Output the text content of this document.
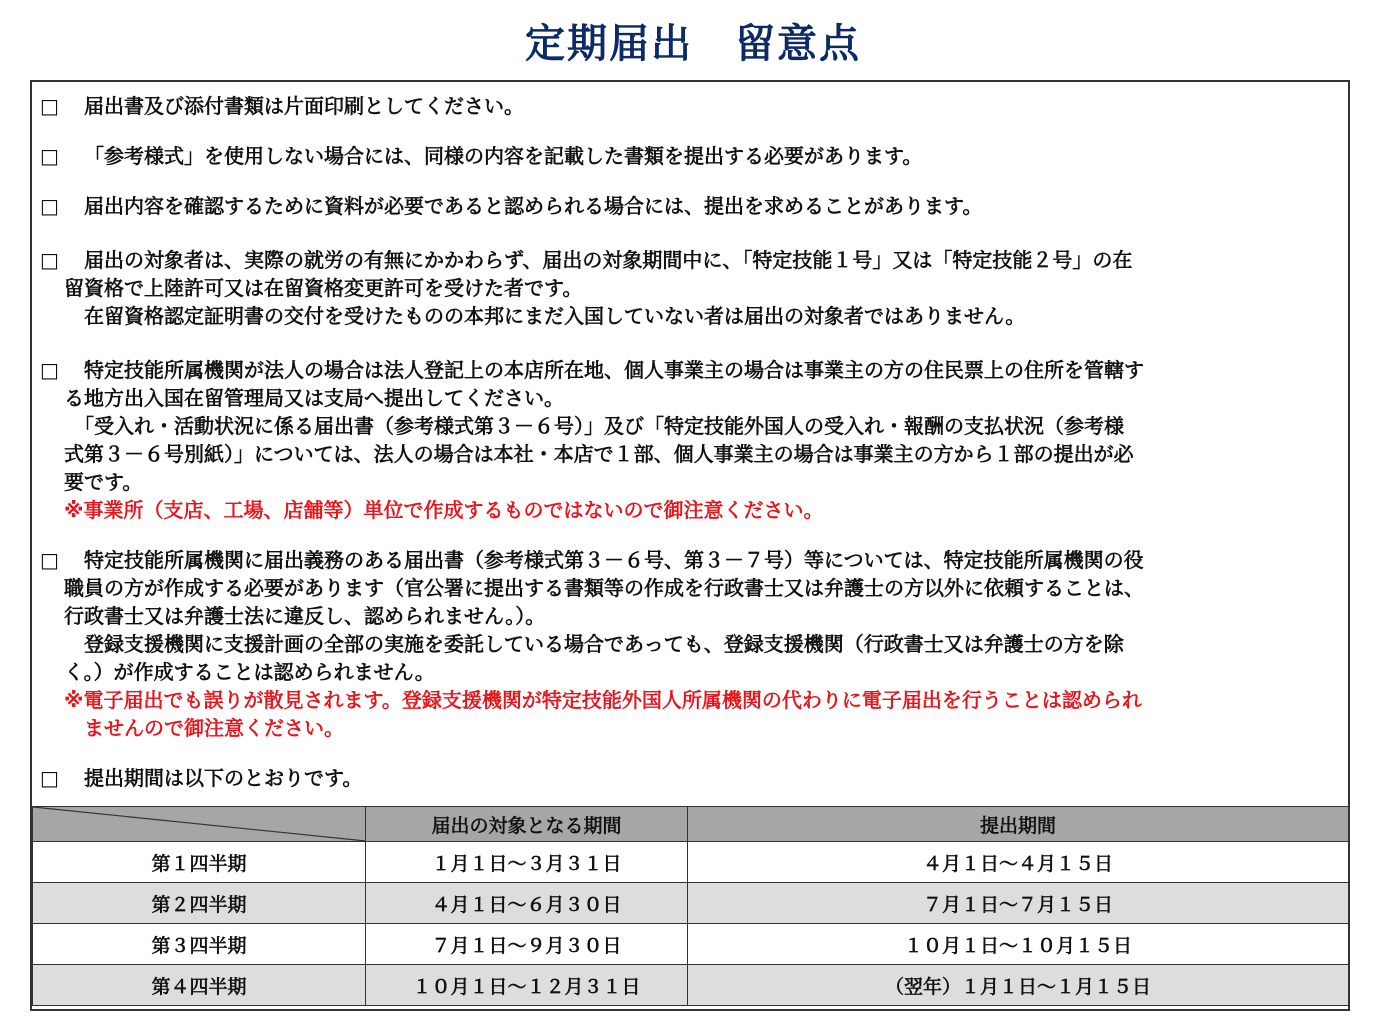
定期届出　留意点
□ 届出書及び添付書類は片面印刷としてください。
□ 「参考様式」を使用しない場合には、同様の内容を記載した書類を提出する必要があります。
□ 届出内容を確認するために資料が必要であると認められる場合には、提出を求めることがあります。
□ 届出の対象者は、実際の就労の有無にかかわらず、届出の対象期間中に、「特定技能１号」又は「特定技能２号」の在
留資格で上陸許可又は在留資格変更許可を受けた者です。
　在留資格認定証明書の交付を受けたものの本邦にまだ入国していない者は届出の対象者ではありません。
□ 特定技能所属機関が法人の場合は法人登記上の本店所在地、個人事業主の場合は事業主の方の住民票上の住所を管轄す
る地方出入国在留管理局又は支局へ提出してください。
　「受入れ・活動状況に係る届出書（参考様式第３－６号）」及び「特定技能外国人の受入れ・報酬の支払状況（参考様
式第３－６号別紙）」については、法人の場合は本社・本店で１部、個人事業主の場合は事業主の方から１部の提出が必
要です。
※事業所（支店、工場、店舗等）単位で作成するものではないので御注意ください。
□ 特定技能所属機関に届出義務のある届出書（参考様式第３－６号、第３－７号）等については、特定技能所属機関の役
職員の方が作成する必要があります（官公署に提出する書類等の作成を行政書士又は弁護士の方以外に依頼することは、
行政書士又は弁護士法に違反し、認められません。）。
　登録支援機関に支援計画の全部の実施を委託している場合であっても、登録支援機関（行政書士又は弁護士の方を除
く。）が作成することは認められません。
※電子届出でも誤りが散見されます。登録支援機関が特定技能外国人所属機関の代わりに電子届出を行うことは認められ
　ませんので御注意ください。
□ 提出期間は以下のとおりです。
	届出の対象となる期間	提出期間
第１四半期	１月１日～３月３１日	４月１日～４月１５日
第２四半期	４月１日～６月３０日	７月１日～７月１５日
第３四半期	７月１日～９月３０日	１０月１日～１０月１５日
第４四半期	１０月１日～１２月３１日	（翌年）１月１日～１月１５日
